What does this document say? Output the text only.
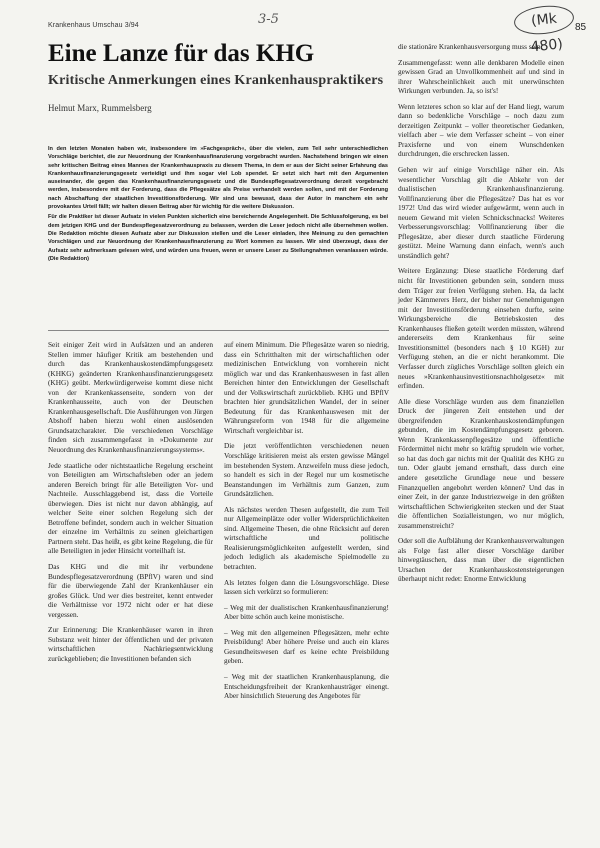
Krankenhaus Umschau 3/94	3-5	(Mk 480)
85
Eine Lanze für das KHG
Kritische Anmerkungen eines Krankenhauspraktikers

Helmut Marx, Rummelsberg

In den letzten Monaten haben wir, insbesondere im »Fachgespräch«, über die vielen, zum Teil sehr unterschiedlichen Vorschläge berichtet, die zur Neuordnung der Krankenhausfinanzierung vorgebracht wurden. Nachstehend bringen wir einen sehr kritischen Beitrag eines Mannes der Krankenhauspraxis zu diesem Thema, in dem er aus der Sicht seiner Erfahrung das Krankenhausfinanzierungsgesetz verteidigt und ihm sogar viel Lob spendet. Er setzt sich hart mit den Argumenten auseinander, die gegen das Krankenhausfinanzierungsgesetz und die Bundespflegesatzverordnung derzeit vorgebracht werden, insbesondere mit der Forderung, dass die Pflegesätze als Preise verhandelt werden sollen, und mit der Forderung nach Abschaffung der staatlichen Investitionsförderung. Wir sind uns bewusst, dass der Autor in manchem ein sehr provokantes Urteil fällt; wir halten diesen Beitrag aber für wichtig für die weitere Diskussion.

Für die Praktiker ist dieser Aufsatz in vielen Punkten sicherlich eine bereichernde Angelegenheit. Die Schlussfolgerung, es bei dem jetzigen KHG und der Bundespflegesatzverordnung zu belassen, werden die Leser jedoch nicht alle übernehmen wollen. Die Redaktion möchte diesen Aufsatz aber zur Diskussion stellen und die Leser einladen, ihre Meinung zu den gemachten Vorschlägen und zur Neuordnung der Krankenhausfinanzierung zu Wort kommen zu lassen. Wir sind überzeugt, dass der Aufsatz sehr aufmerksam gelesen wird, und würden uns freuen, wenn er unsere Leser zu Stellungnahmen veranlassen würde. (Die Redaktion)

Seit einiger Zeit wird in Aufsätzen und an anderen Stellen immer häufiger Kritik am bestehenden und durch das Krankenhauskostendämpfungsgesetz (KHKG) geänderten Krankenhausfinanzierungsgesetz (KHG) geübt. Merkwürdigerweise kommt diese nicht von der Krankenkassenseite, sondern von der Krankenhausseite, auch von der Deutschen Krankenhausgesellschaft. Die Ausführungen von Jürgen Abshoff haben hierzu wohl einen auslösenden Grundsatzcharakter. Die verschiedenen Vorschläge finden sich zusammengefasst in »Dokumente zur Neuordnung des Krankenhausfinanzierungssystems«.

Jede staatliche oder nichtstaatliche Regelung erscheint von Beteiligten am Wirtschaftsleben oder an jedem anderen Bereich bringt für alle Beteiligten Vor- und Nachteile. Ausschlaggebend ist, dass die Vorteile überwiegen. Dies ist nicht nur davon abhängig, auf welcher Seite einer solchen Regelung sich der Betroffene befindet, sondern auch in welcher Situation der einzelne im Verhältnis zu seinen gleichartigen Partnern steht. Das heißt, es gibt keine Regelung, die für alle Beteiligten in jeder Hinsicht vorteilhaft ist.

Das KHG und die mit ihr verbundene Bundespflegesatzverordnung (BPflV) waren und sind für die überwiegende Zahl der Krankenhäuser ein großes Glück. Und wer dies bestreitet, kennt entweder die Verhältnisse vor 1972 nicht oder er hat diese vergessen.

Zur Erinnerung: Die Krankenhäuser waren in ihren Substanz weit hinter der öffentlichen und der privaten wirtschaftlichen Nachkriegsentwicklung zurückgeblieben; die Investitionen befanden sich

auf einem Minimum. Die Pflegesätze waren so niedrig, dass ein Schritthalten mit der wirtschaftlichen oder medizinischen Entwicklung von vornherein nicht möglich war und das Krankenhauswesen in fast allen Bereichen hinter den Entwicklungen der Gesellschaft und der Volkswirtschaft zurückblieb. KHG und BPflV brachten hier grundsätzlichen Wandel, der in seiner Bedeutung für das Krankenhauswesen mit der Währungsreform von 1948 für die allgemeine Wirtschaft vergleichbar ist.

Die jetzt veröffentlichten verschiedenen neuen Vorschläge kritisieren meist als ersten gewisse Mängel im bestehenden System. Anzweifeln muss diese jedoch, so handelt es sich in der Regel nur um kosmetische Beanstandungen im Verhältnis zum Ganzen, zum Grundsätzlichen.

Als nächstes werden Thesen aufgestellt, die zum Teil nur Allgemeinplätze oder voller Widersprüchlichkeiten sind. Allgemeine Thesen, die ohne Rücksicht auf deren wirtschaftliche und politische Realisierungsmöglichkeiten aufgestellt werden, sind jedoch lediglich als akademische Spielmodelle zu betrachten.

Als letztes folgen dann die Lösungsvorschläge. Diese lassen sich verkürzt so formulieren:

– Weg mit der dualistischen Krankenhausfinanzierung! Aber bitte schön auch keine monistische.

– Weg mit den allgemeinen Pflegesätzen, mehr echte Preisbildung! Aber höhere Preise und auch ein klares Gesundheitswesen darf es keine echte Preisbildung geben.

– Weg mit der staatlichen Krankenhausplanung, die Entscheidungsfreiheit der Krankenhausträger einengt. Aber hinsichtlich Steuerung des Angebotes für

die stationäre Krankenhausversorgung muss sein!

Zusammengefasst: wenn alle denkbaren Modelle einen gewissen Grad an Unvollkommenheit auf und sind in ihrer Wahrscheinlichkeit auch mit unerwünschten Wirkungen verbunden. Ja, so ist's!

Wenn letzteres schon so klar auf der Hand liegt, warum dann so bedenkliche Vorschläge – noch dazu zum derzeitigen Zeitpunkt – voller theoretischer Gedanken, vielfach aber – wie dem Verfasser scheint – von einer Praxisferne und von einem Wunschdenken durchdrungen, die erschrecken lassen.

Gehen wir auf einige Vorschläge näher ein. Als wesentlicher Vorschlag gilt die Abkehr von der dualistischen Krankenhausfinanzierung. Vollfinanzierung über die Pflegesätze? Das hat es vor 1972! Und das wird wieder aufgewärmt, wenn auch in neuem Gewand mit vielen Schnickschnacks! Weiteres Verbesserungsvorschlag: Vollfinanzierung über die Pflegesätze, aber dieser durch staatliche Förderung gestützt. Meine Warnung dann einfach, wenn's auch unständlich geht?

Weitere Ergänzung: Diese staatliche Förderung darf nicht für Investitionen gebunden sein, sondern muss dem Träger zur freien Verfügung stehen. Ha, da lacht jeder Kämmerers Herz, der bisher nur Genehmigungen mit der Investitionsförderung einsehen durfte, seine Wirkungsbereiche die Betriebskosten des Krankenhauses fließen geteilt werden müssten, während andererseits dem Krankenhaus für seine Investitionsmittel (besonders nach § 10 KGH) zur Verfügung stehen, an die er nicht herankommt. Die Verfasser durch zügliches Vorschläge sollten gleich ein neues »Krankenhausinvestitionsnachholgesetz« mit erfinden.

Alle diese Vorschläge wurden aus dem finanziellen Druck der jüngeren Zeit entstehen und der übergreifenden Krankenhauskostendämpfungen gebunden, die im Kostendämpfungsgesetz geboren. Wenn Krankenkassenpflegesätze und öffentliche Fördermittel nicht mehr so kräftig sprudeln wie vorher, so hat das doch gar nichts mit der Qualität des KHG zu tun. Oder glaubt jemand ernsthaft, dass durch eine andere gesetzliche Grundlage neue und bessere Finanzquellen angebohrt werden können? Und das in einer Zeit, in der ganze Industriezweige in den größten wirtschaftlichen Schwierigkeiten stecken und der Staat die öffentlichen Sozialleistungen, wo nur möglich, zusammenstreicht?

Oder soll die Aufblähung der Krankenhausverwaltungen als Folge fast aller dieser Vorschläge darüber hinwegtäuschen, dass man über die eigentlichen Ursachen der Krankenhauskostensteigerungen überhaupt nicht redet: Enorme Entwicklung
